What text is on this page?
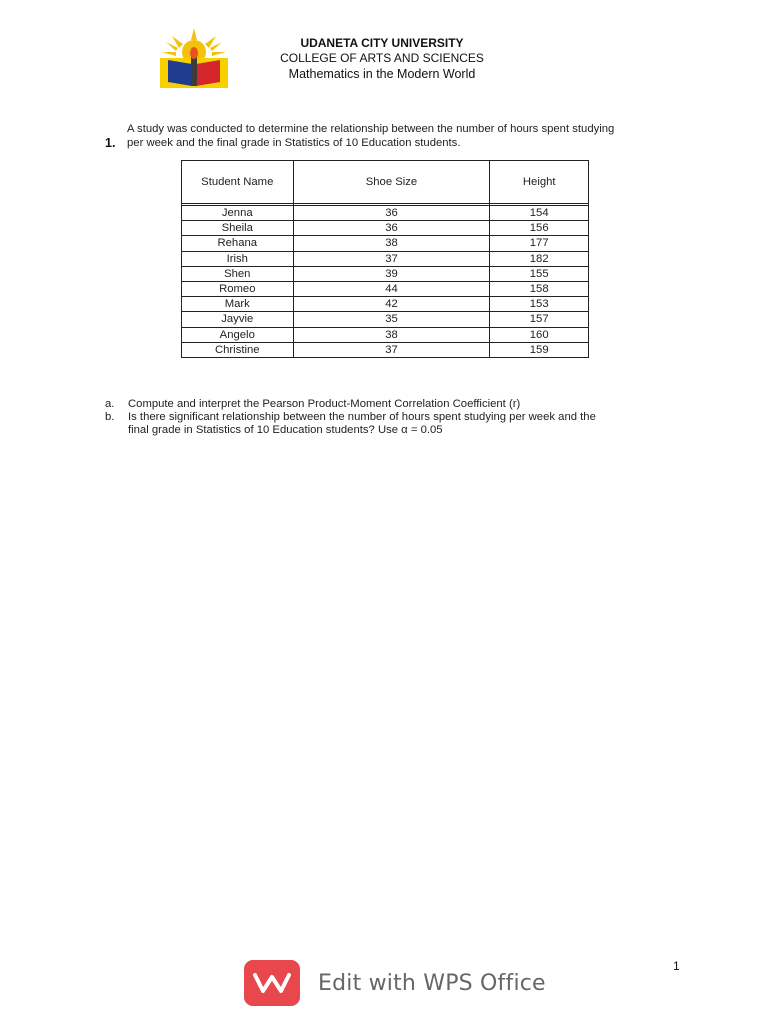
UDANETA CITY UNIVERSITY
COLLEGE OF ARTS AND SCIENCES
Mathematics in the Modern World
1.
A study was conducted to determine the relationship between the number of hours spent studying
per week and the final grade in Statistics of 10 Education students.
Student Name	Shoe Size	Height

Jenna	36	154
Sheila	36	156
Rehana	38	177
Irish	37	182
Shen	39	155
Romeo	44	158
Mark	42	153
Jayvie	35	157
Angelo	38	160
Christine	37	159
a. Compute and interpret the Pearson Product-Moment Correlation Coefficient (r)
b. Is there significant relationship between the number of hours spent studying per week and the
final grade in Statistics of 10 Education students? Use α = 0.05
1
Edit with WPS Office
